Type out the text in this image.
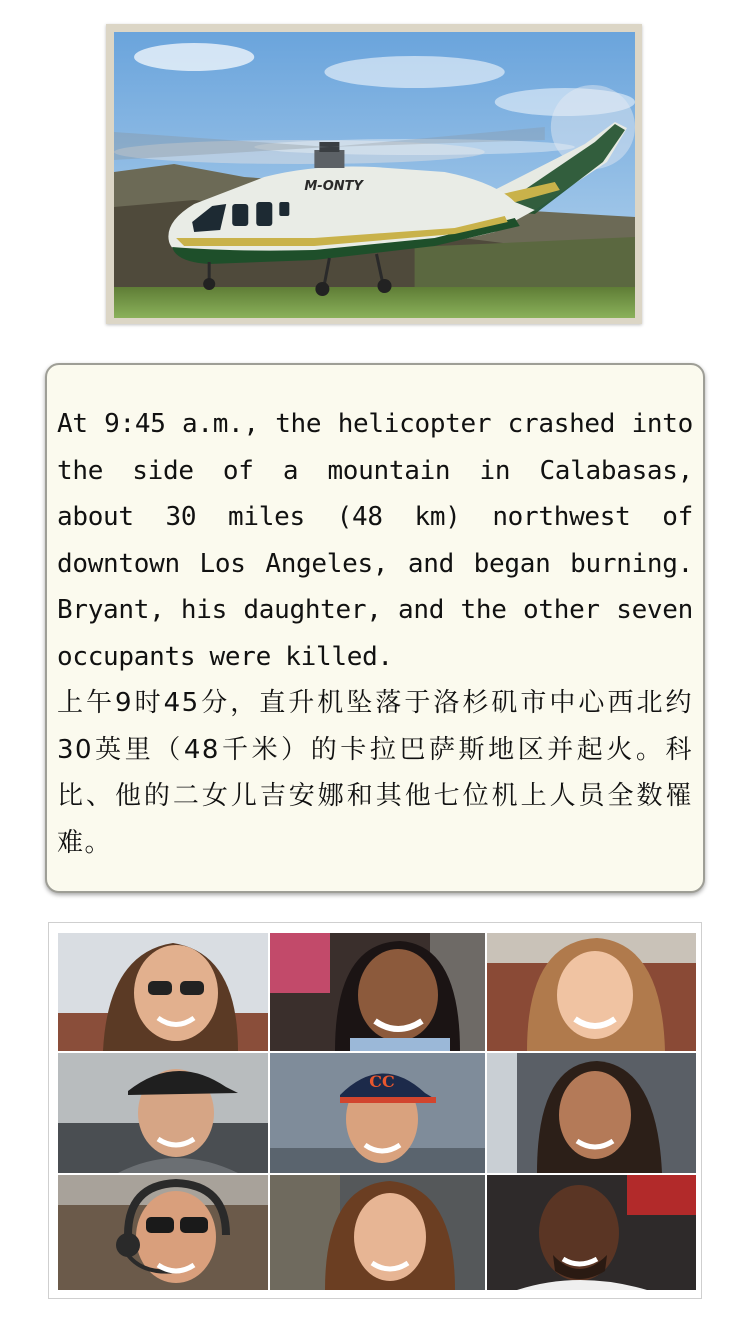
M-ONTY

At 9:45 a.m., the helicopter crashed into the side of a mountain in Calabasas, about 30 miles (48 km) northwest of downtown Los Angeles, and began burning. Bryant, his daughter, and the other seven occupants were killed.

上午9时45分，直升机坠落于洛杉矶市中心西北约30英里（48千米）的卡拉巴萨斯地区并起火。科比、他的二女儿吉安娜和其他七位机上人员全数罹难。

CC
